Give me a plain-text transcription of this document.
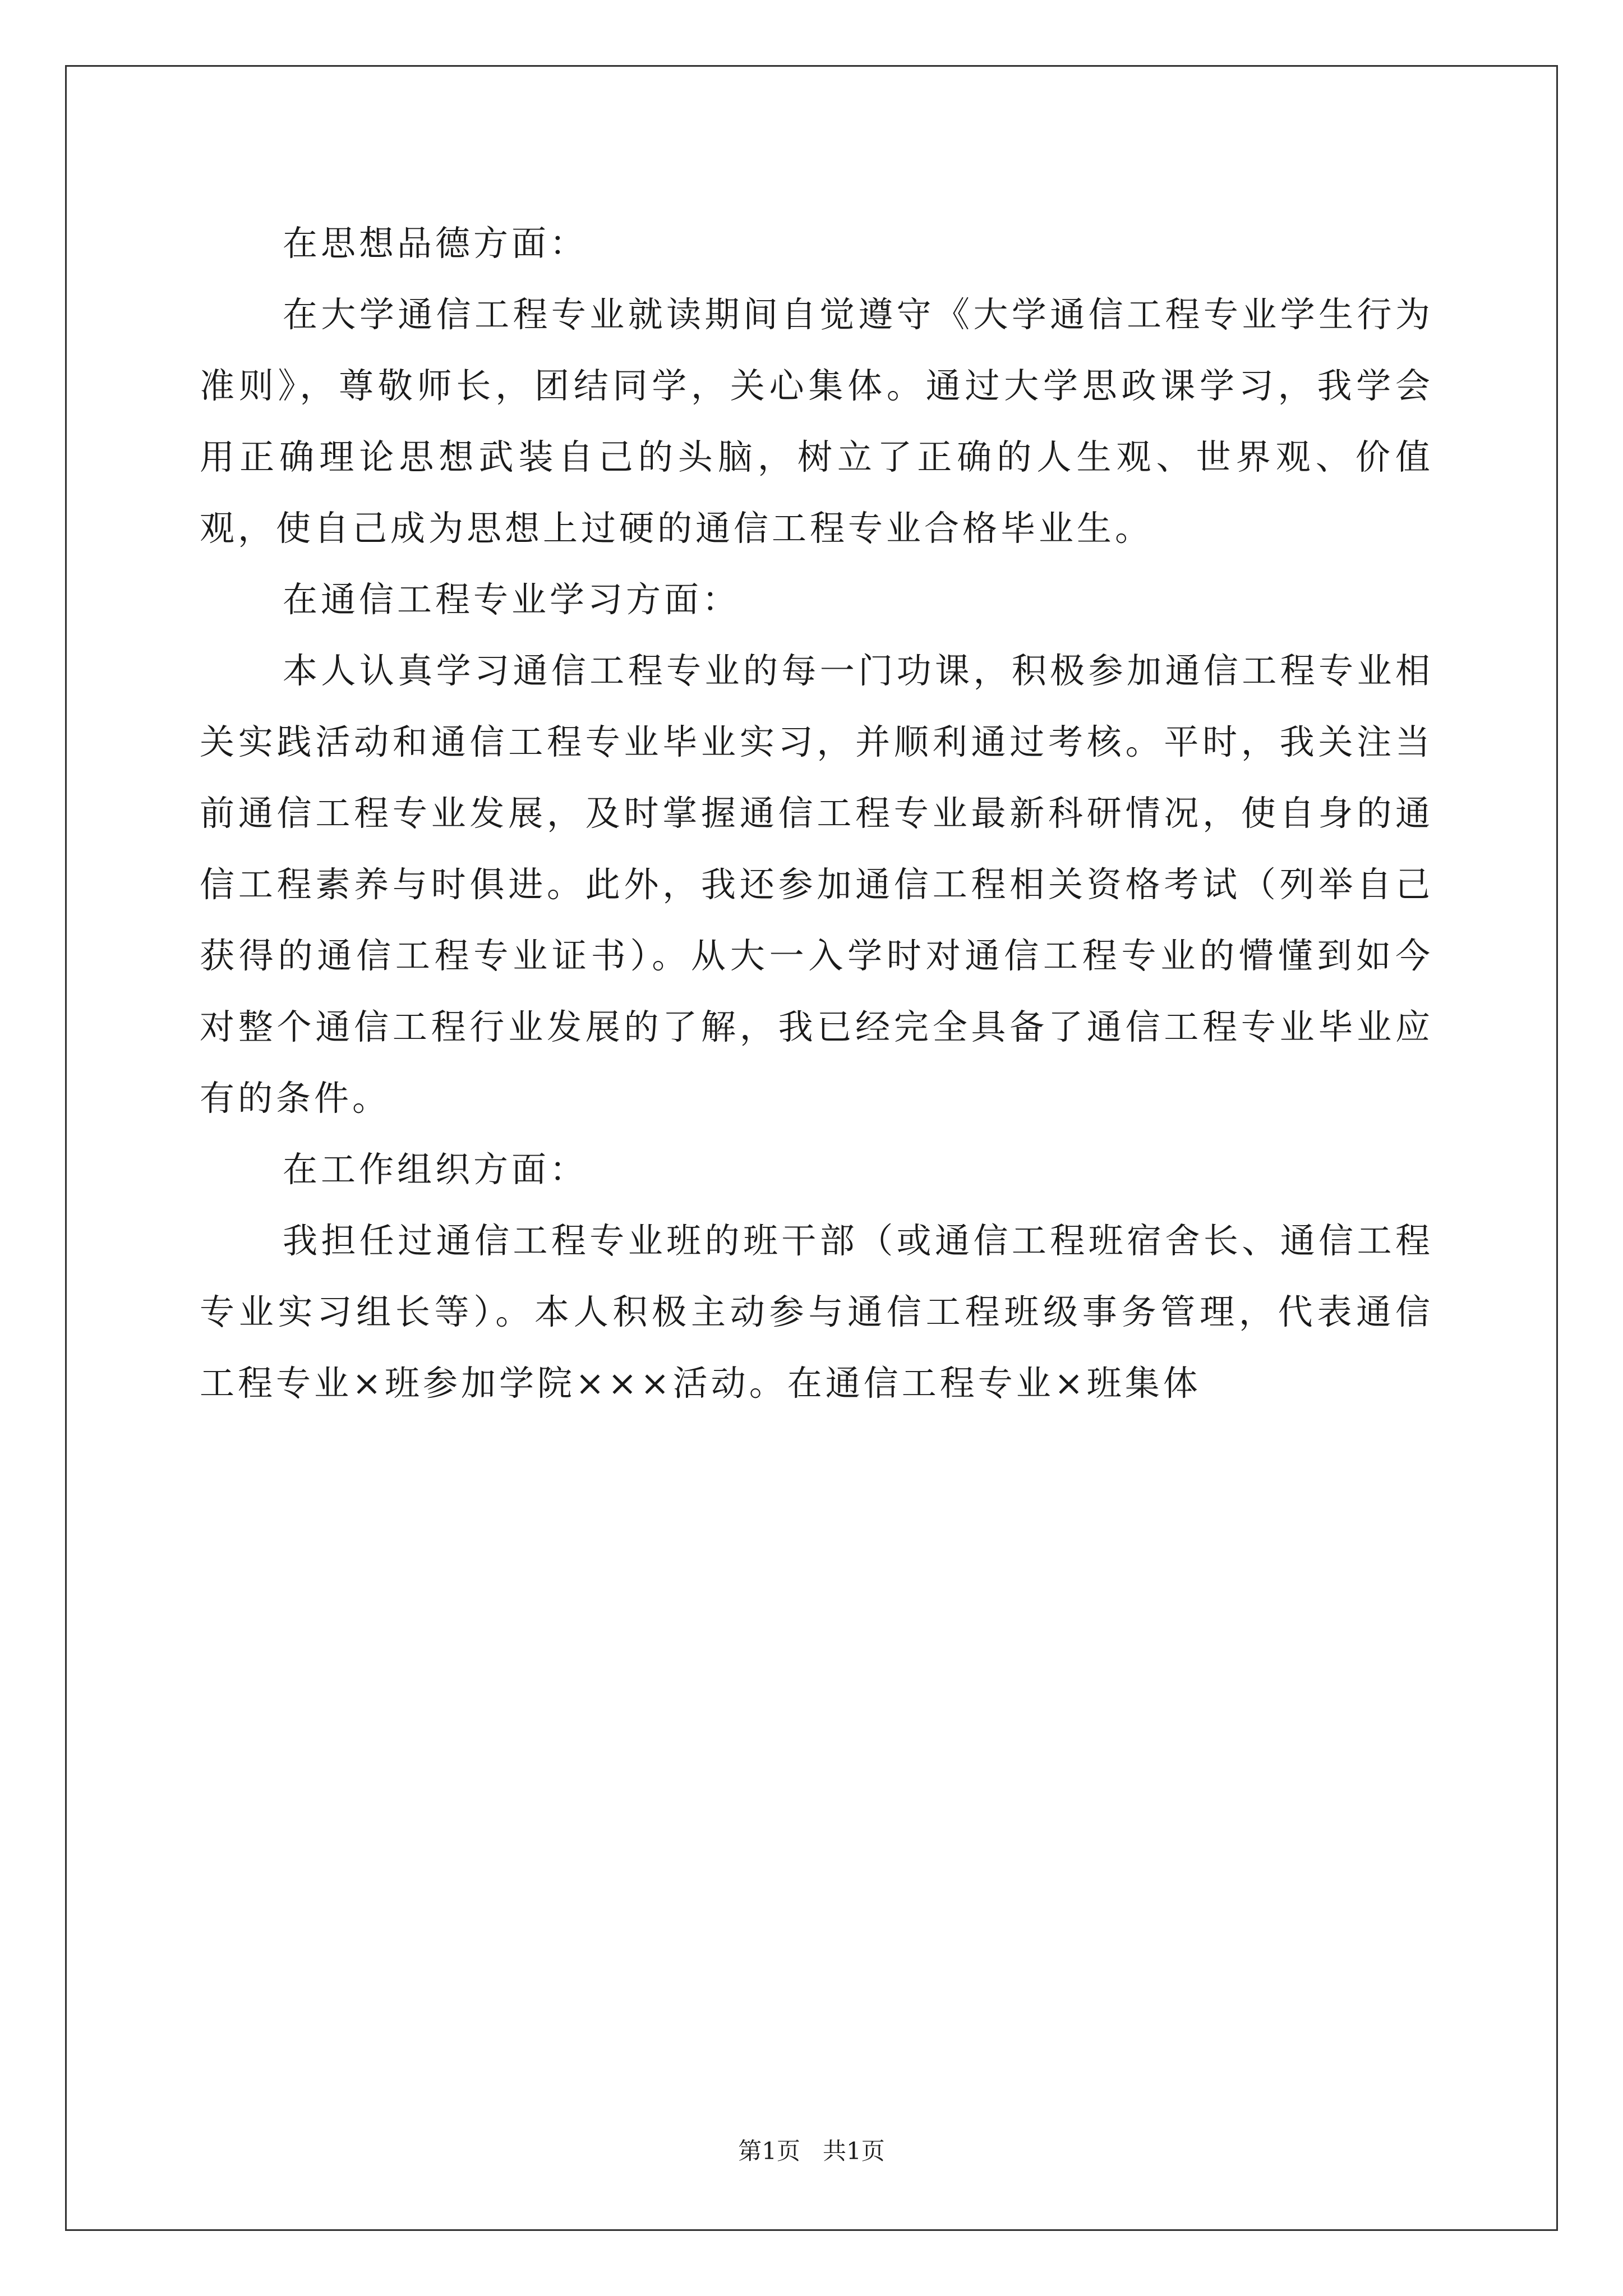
在思想品德方面：

在大学通信工程专业就读期间自觉遵守《大学通信工程专业学生行为准则》，尊敬师长，团结同学，关心集体。通过大学思政课学习，我学会用正确理论思想武装自己的头脑，树立了正确的人生观、世界观、价值观，使自己成为思想上过硬的通信工程专业合格毕业生。

在通信工程专业学习方面：

本人认真学习通信工程专业的每一门功课，积极参加通信工程专业相关实践活动和通信工程专业毕业实习，并顺利通过考核。平时，我关注当前通信工程专业发展，及时掌握通信工程专业最新科研情况，使自身的通信工程素养与时俱进。此外，我还参加通信工程相关资格考试（列举自己获得的通信工程专业证书）。从大一入学时对通信工程专业的懵懂到如今对整个通信工程行业发展的了解，我已经完全具备了通信工程专业毕业应有的条件。

在工作组织方面：

我担任过通信工程专业班的班干部（或通信工程班宿舍长、通信工程专业实习组长等）。本人积极主动参与通信工程班级事务管理，代表通信工程专业×班参加学院×××活动。在通信工程专业×班集体

第1页 共1页
